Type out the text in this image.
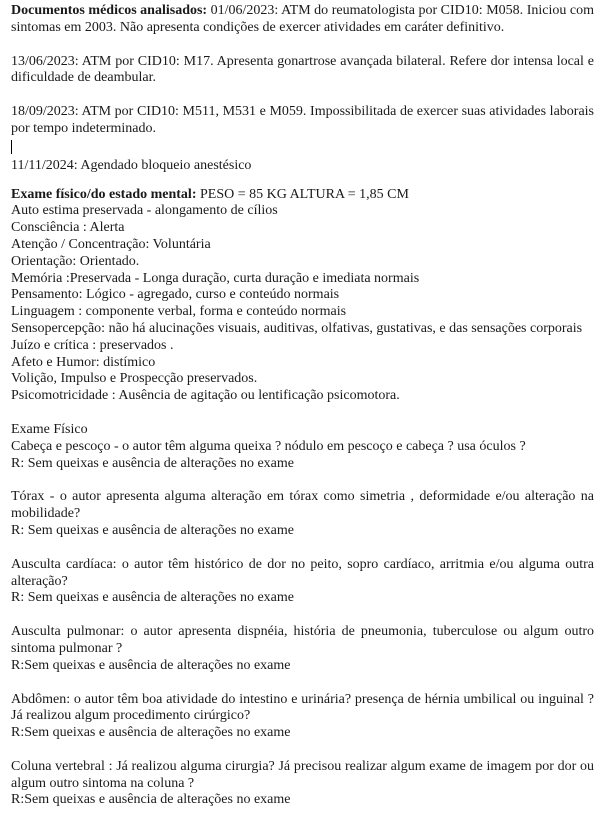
Documentos médicos analisados: 01/06/2023: ATM do reumatologista por CID10: M058. Iniciou com sintomas em 2003. Não apresenta condições de exercer atividades em caráter definitivo.

13/06/2023: ATM por CID10: M17. Apresenta gonartrose avançada bilateral. Refere dor intensa local e dificuldade de deambular.

18/09/2023: ATM por CID10: M511, M531 e M059. Impossibilitada de exercer suas atividades laborais por tempo indeterminado.

11/11/2024: Agendado bloqueio anestésico

Exame físico/do estado mental: PESO = 85 KG ALTURA = 1,85 CM

Auto estima preservada - alongamento de cílios

Consciência : Alerta

Atenção / Concentração: Voluntária

Orientação: Orientado.

Memória :Preservada - Longa duração, curta duração e imediata normais

Pensamento: Lógico - agregado, curso e conteúdo normais

Linguagem : componente verbal, forma e conteúdo normais

Sensopercepção: não há alucinações visuais, auditivas, olfativas, gustativas, e das sensações corporais

Juízo e crítica : preservados .

Afeto e Humor: distímico

Volição, Impulso e Prospecção preservados.

Psicomotricidade : Ausência de agitação ou lentificação psicomotora.

Exame Físico

Cabeça e pescoço - o autor têm alguma queixa ? nódulo em pescoço e cabeça ? usa óculos ?

R: Sem queixas e ausência de alterações no exame

Tórax - o autor apresenta alguma alteração em tórax como simetria , deformidade e/ou alteração na mobilidade?

R: Sem queixas e ausência de alterações no exame

Ausculta cardíaca: o autor têm histórico de dor no peito, sopro cardíaco, arritmia e/ou alguma outra alteração?

R: Sem queixas e ausência de alterações no exame

Ausculta pulmonar: o autor apresenta dispnéia, história de pneumonia, tuberculose ou algum outro sintoma pulmonar ?

R:Sem queixas e ausência de alterações no exame

Abdômen: o autor têm boa atividade do intestino e urinária? presença de hérnia umbilical ou inguinal ? Já realizou algum procedimento cirúrgico?

R:Sem queixas e ausência de alterações no exame

Coluna vertebral : Já realizou alguma cirurgia? Já precisou realizar algum exame de imagem por dor ou algum outro sintoma na coluna ?

R:Sem queixas e ausência de alterações no exame
